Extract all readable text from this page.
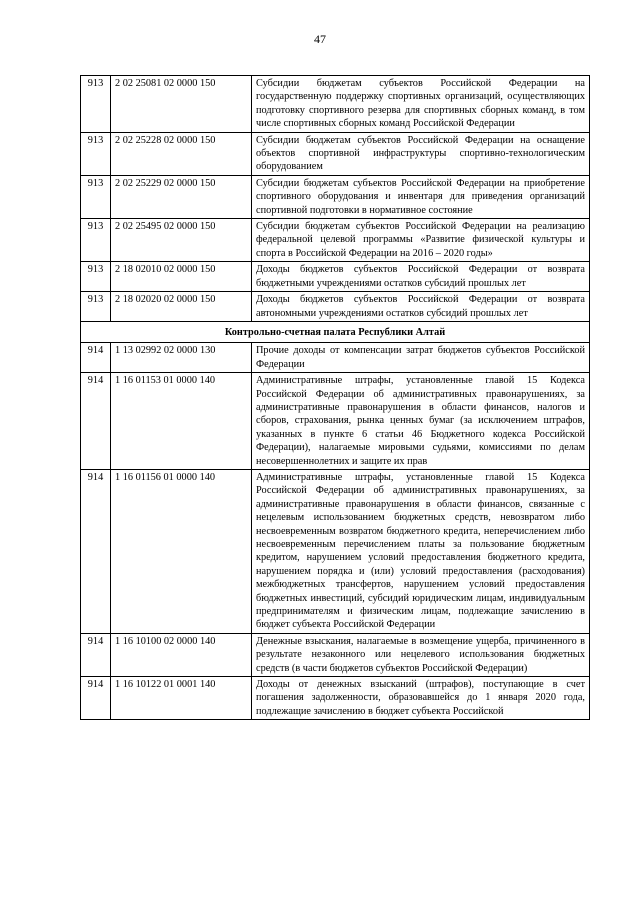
47
913	2 02 25081 02 0000 150	Субсидии бюджетам субъектов Российской Федерации на государственную поддержку спортивных организаций, осуществляющих подготовку спортивного резерва для спортивных сборных команд, в том числе спортивных сборных команд Российской Федерации
913	2 02 25228 02 0000 150	Субсидии бюджетам субъектов Российской Федерации на оснащение объектов спортивной инфраструктуры спортивно-технологическим оборудованием
913	2 02 25229 02 0000 150	Субсидии бюджетам субъектов Российской Федерации на приобретение спортивного оборудования и инвентаря для приведения организаций спортивной подготовки в нормативное состояние
913	2 02 25495 02 0000 150	Субсидии бюджетам субъектов Российской Федерации на реализацию федеральной целевой программы «Развитие физической культуры и спорта в Российской Федерации на 2016 – 2020 годы»
913	2 18 02010 02 0000 150	Доходы бюджетов субъектов Российской Федерации от возврата бюджетными учреждениями остатков субсидий прошлых лет
913	2 18 02020 02 0000 150	Доходы бюджетов субъектов Российской Федерации от возврата автономными учреждениями остатков субсидий прошлых лет
Контрольно-счетная палата Республики Алтай		
914	1 13 02992 02 0000 130	Прочие доходы от компенсации затрат бюджетов субъектов Российской Федерации
914	1 16 01153 01 0000 140	Административные штрафы, установленные главой 15 Кодекса Российской Федерации об административных правонарушениях, за административные правонарушения в области финансов, налогов и сборов, страхования, рынка ценных бумаг (за исключением штрафов, указанных в пункте 6 статьи 46 Бюджетного кодекса Российской Федерации), налагаемые мировыми судьями, комиссиями по делам несовершеннолетних и защите их прав
914	1 16 01156 01 0000 140	Административные штрафы, установленные главой 15 Кодекса Российской Федерации об административных правонарушениях, за административные правонарушения в области финансов, связанные с нецелевым использованием бюджетных средств, невозвратом либо несвоевременным возвратом бюджетного кредита, неперечислением либо несвоевременным перечислением платы за пользование бюджетным кредитом, нарушением условий предоставления бюджетного кредита, нарушением порядка и (или) условий предоставления (расходования) межбюджетных трансфертов, нарушением условий предоставления бюджетных инвестиций, субсидий юридическим лицам, индивидуальным предпринимателям и физическим лицам, подлежащие зачислению в бюджет субъекта Российской Федерации
914	1 16 10100 02 0000 140	Денежные взыскания, налагаемые в возмещение ущерба, причиненного в результате незаконного или нецелевого использования бюджетных средств (в части бюджетов субъектов Российской Федерации)
914	1 16 10122 01 0001 140	Доходы от денежных взысканий (штрафов), поступающие в счет погашения задолженности, образовавшейся до 1 января 2020 года, подлежащие зачислению в бюджет субъекта Российской
